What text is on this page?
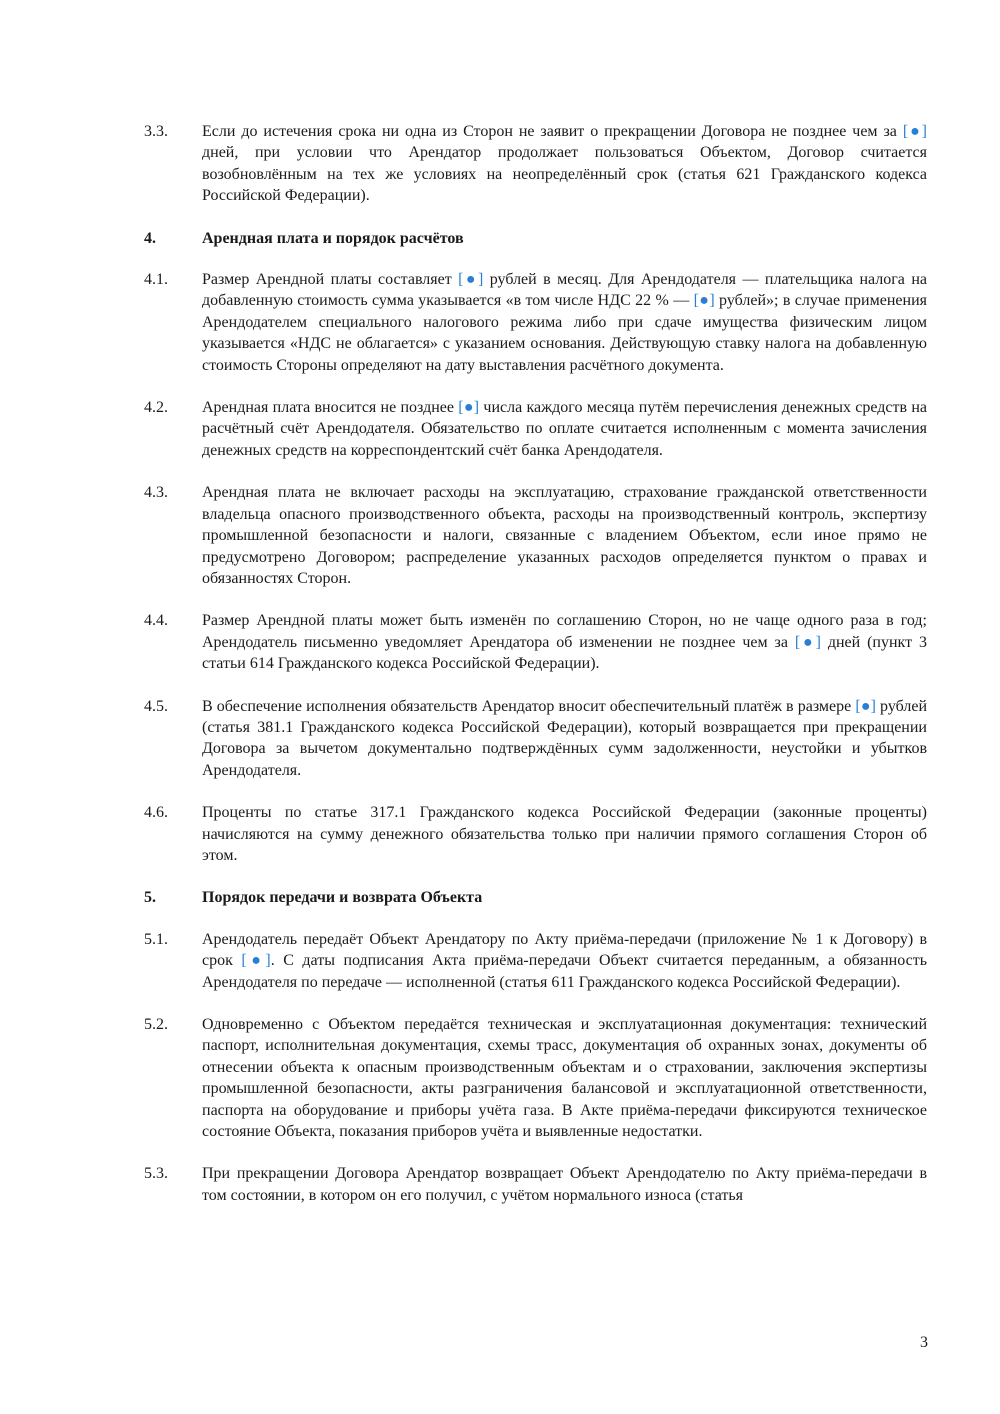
3.3.	Если до истечения срока ни одна из Сторон не заявит о прекращении Договора не позднее чем за [●] дней, при условии что Арендатор продолжает пользоваться Объектом, Договор считается возобновлённым на тех же условиях на неопределённый срок (статья 621 Гражданского кодекса Российской Федерации).
4.	Арендная плата и порядок расчётов
4.1.	Размер Арендной платы составляет [●] рублей в месяц. Для Арендодателя — плательщика налога на добавленную стоимость сумма указывается «в том числе НДС 22 % — [●] рублей»; в случае применения Арендодателем специального налогового режима либо при сдаче имущества физическим лицом указывается «НДС не облагается» с указанием основания. Действующую ставку налога на добавленную стоимость Стороны определяют на дату выставления расчётного документа.
4.2.	Арендная плата вносится не позднее [●] числа каждого месяца путём перечисления денежных средств на расчётный счёт Арендодателя. Обязательство по оплате считается исполненным с момента зачисления денежных средств на корреспондентский счёт банка Арендодателя.
4.3.	Арендная плата не включает расходы на эксплуатацию, страхование гражданской ответственности владельца опасного производственного объекта, расходы на производственный контроль, экспертизу промышленной безопасности и налоги, связанные с владением Объектом, если иное прямо не предусмотрено Договором; распределение указанных расходов определяется пунктом о правах и обязанностях Сторон.
4.4.	Размер Арендной платы может быть изменён по соглашению Сторон, но не чаще одного раза в год; Арендодатель письменно уведомляет Арендатора об изменении не позднее чем за [●] дней (пункт 3 статьи 614 Гражданского кодекса Российской Федерации).
4.5.	В обеспечение исполнения обязательств Арендатор вносит обеспечительный платёж в размере [●] рублей (статья 381.1 Гражданского кодекса Российской Федерации), который возвращается при прекращении Договора за вычетом документально подтверждённых сумм задолженности, неустойки и убытков Арендодателя.
4.6.	Проценты по статье 317.1 Гражданского кодекса Российской Федерации (законные проценты) начисляются на сумму денежного обязательства только при наличии прямого соглашения Сторон об этом.
5.	Порядок передачи и возврата Объекта
5.1.	Арендодатель передаёт Объект Арендатору по Акту приёма-передачи (приложение № 1 к Договору) в срок [●]. С даты подписания Акта приёма-передачи Объект считается переданным, а обязанность Арендодателя по передаче — исполненной (статья 611 Гражданского кодекса Российской Федерации).
5.2.	Одновременно с Объектом передаётся техническая и эксплуатационная документация: технический паспорт, исполнительная документация, схемы трасс, документация об охранных зонах, документы об отнесении объекта к опасным производственным объектам и о страховании, заключения экспертизы промышленной безопасности, акты разграничения балансовой и эксплуатационной ответственности, паспорта на оборудование и приборы учёта газа. В Акте приёма-передачи фиксируются техническое состояние Объекта, показания приборов учёта и выявленные недостатки.
5.3.	При прекращении Договора Арендатор возвращает Объект Арендодателю по Акту приёма-передачи в том состоянии, в котором он его получил, с учётом нормального износа (статья
3
